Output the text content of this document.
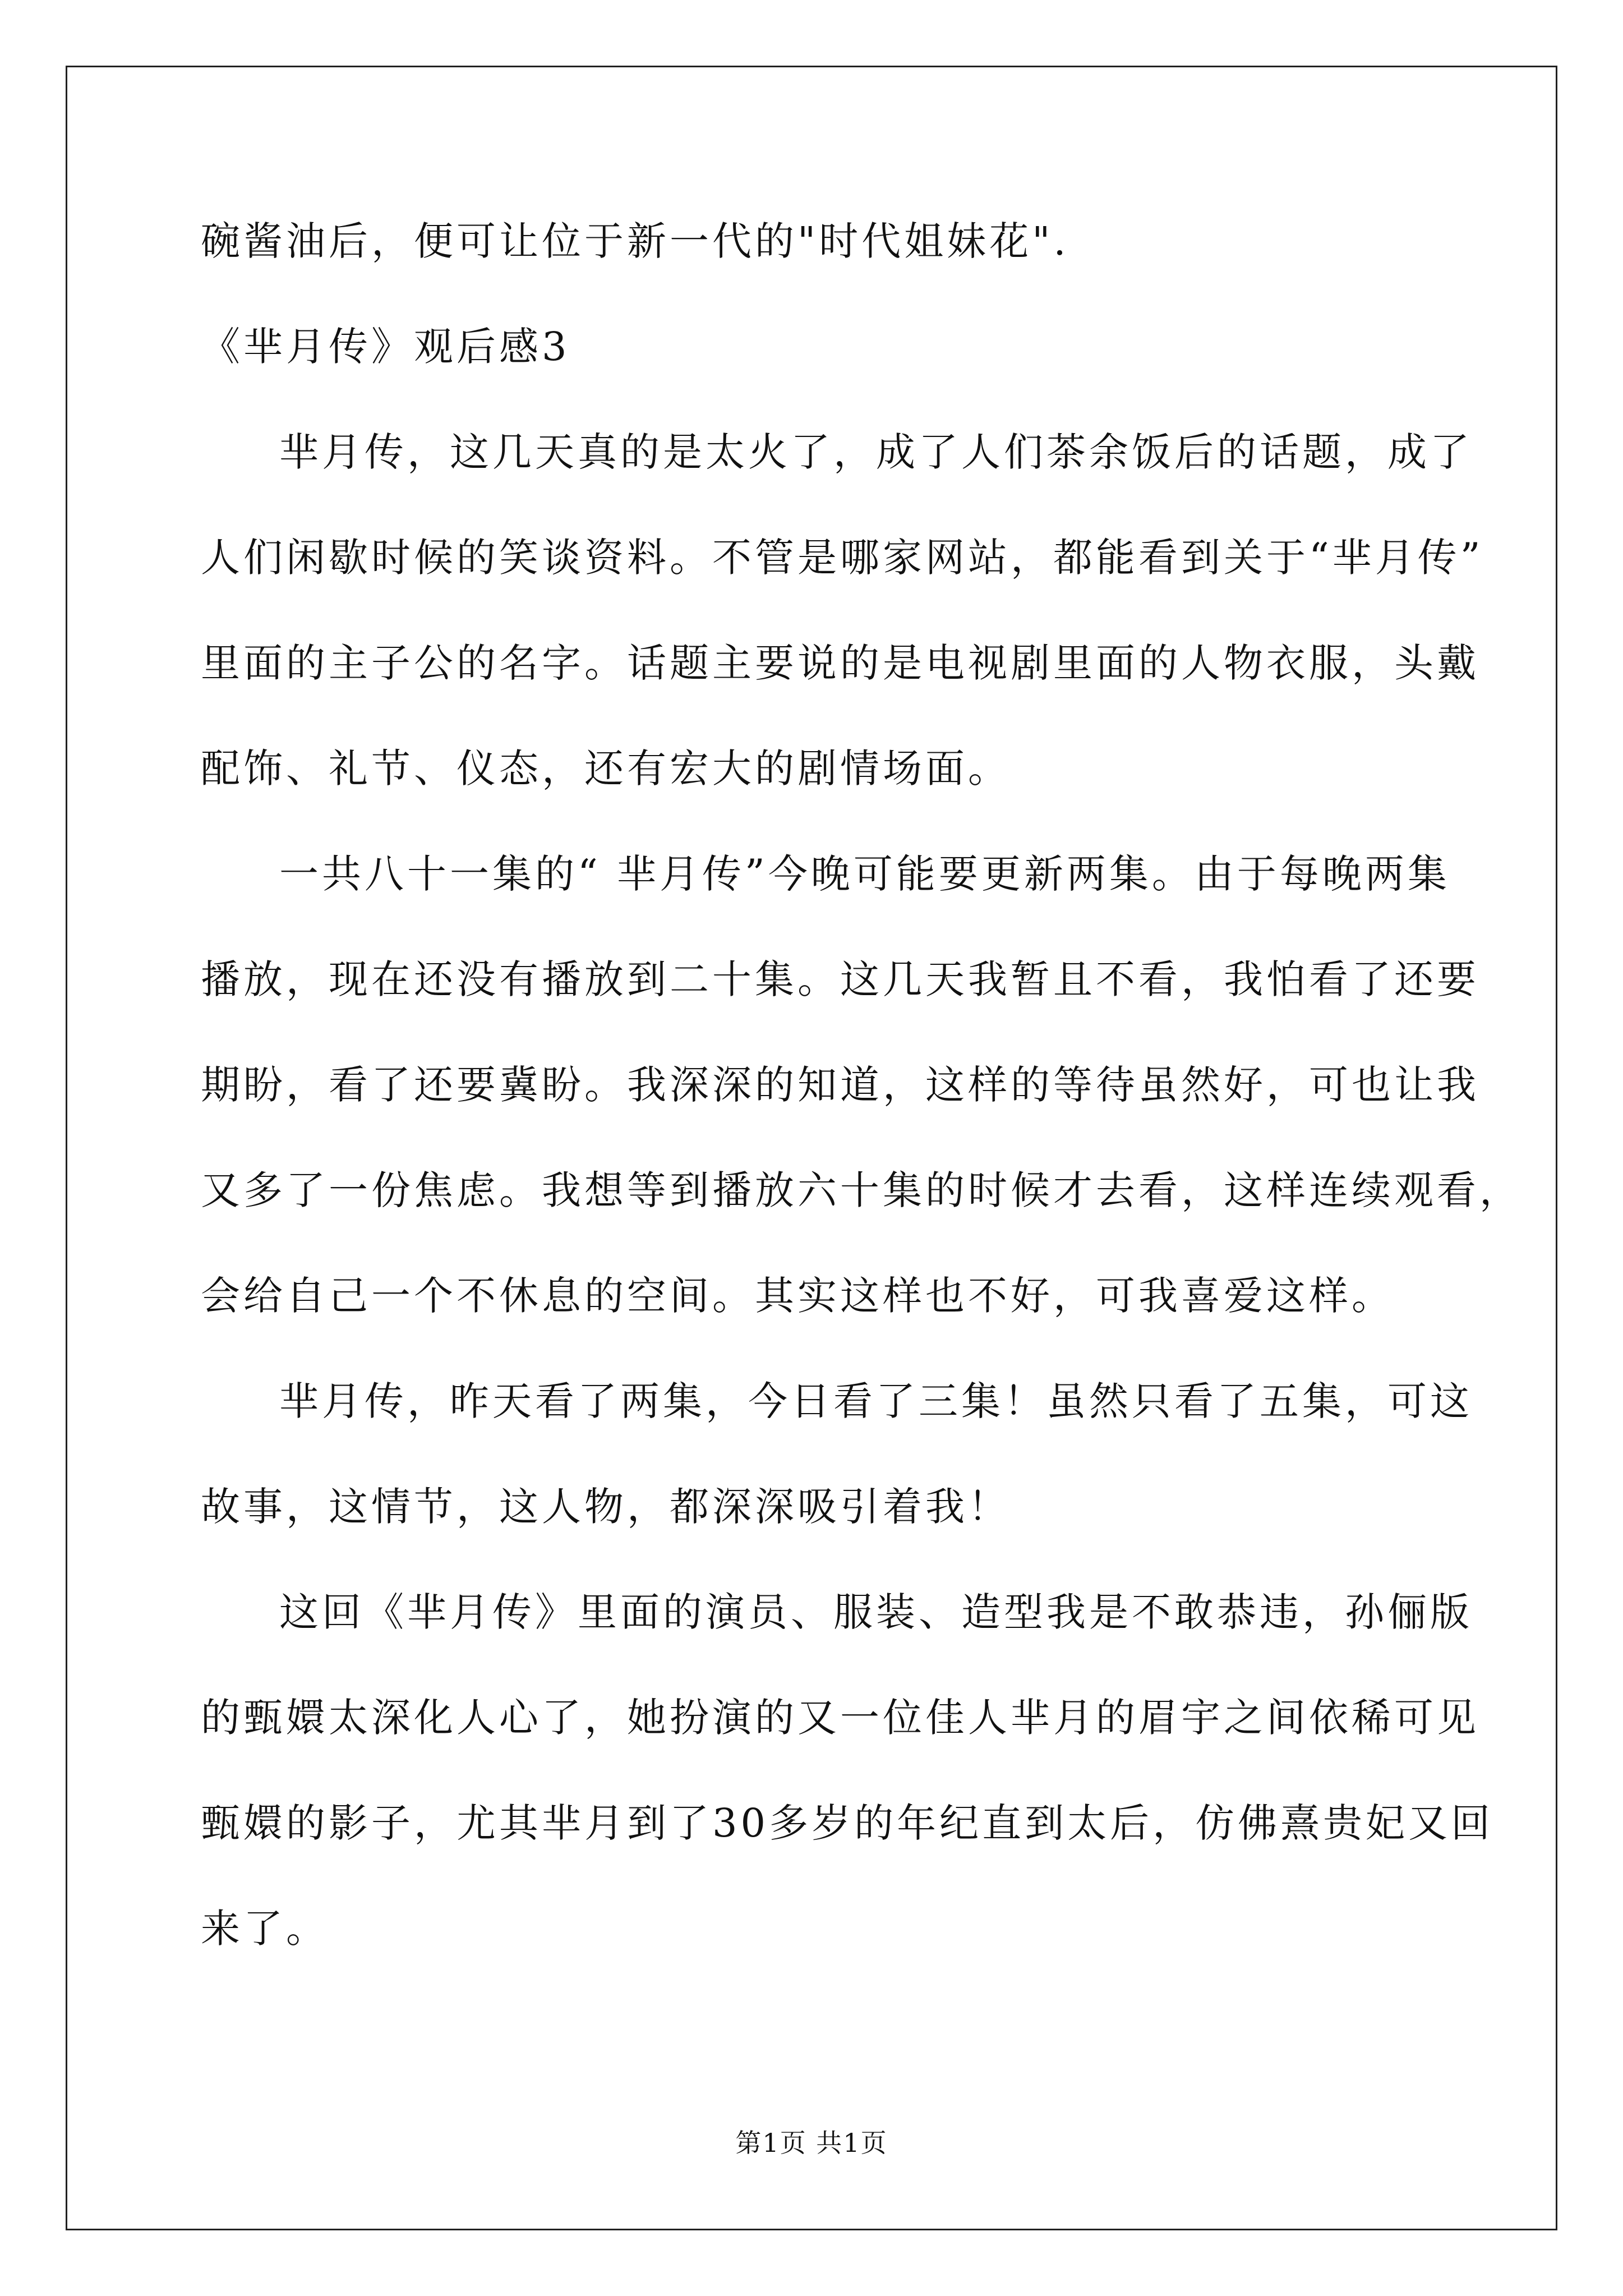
碗酱油后，便可让位于新一代的"时代姐妹花".
《芈月传》观后感3
芈月传，这几天真的是太火了，成了人们茶余饭后的话题，成了
人们闲歇时候的笑谈资料。不管是哪家网站，都能看到关于“芈月传”
里面的主子公的名字。话题主要说的是电视剧里面的人物衣服，头戴
配饰、礼节、仪态，还有宏大的剧情场面。
一共八十一集的“ 芈月传”今晚可能要更新两集。由于每晚两集
播放，现在还没有播放到二十集。这几天我暂且不看，我怕看了还要
期盼，看了还要冀盼。我深深的知道，这样的等待虽然好，可也让我
又多了一份焦虑。我想等到播放六十集的时候才去看，这样连续观看，
会给自己一个不休息的空间。其实这样也不好，可我喜爱这样。
芈月传，昨天看了两集，今日看了三集！虽然只看了五集，可这
故事，这情节，这人物，都深深吸引着我！
这回《芈月传》里面的演员、服装、造型我是不敢恭违，孙俪版
的甄嬛太深化人心了，她扮演的又一位佳人芈月的眉宇之间依稀可见
甄嬛的影子，尤其芈月到了30多岁的年纪直到太后，仿佛熹贵妃又回
来了。
第1页 共1页
